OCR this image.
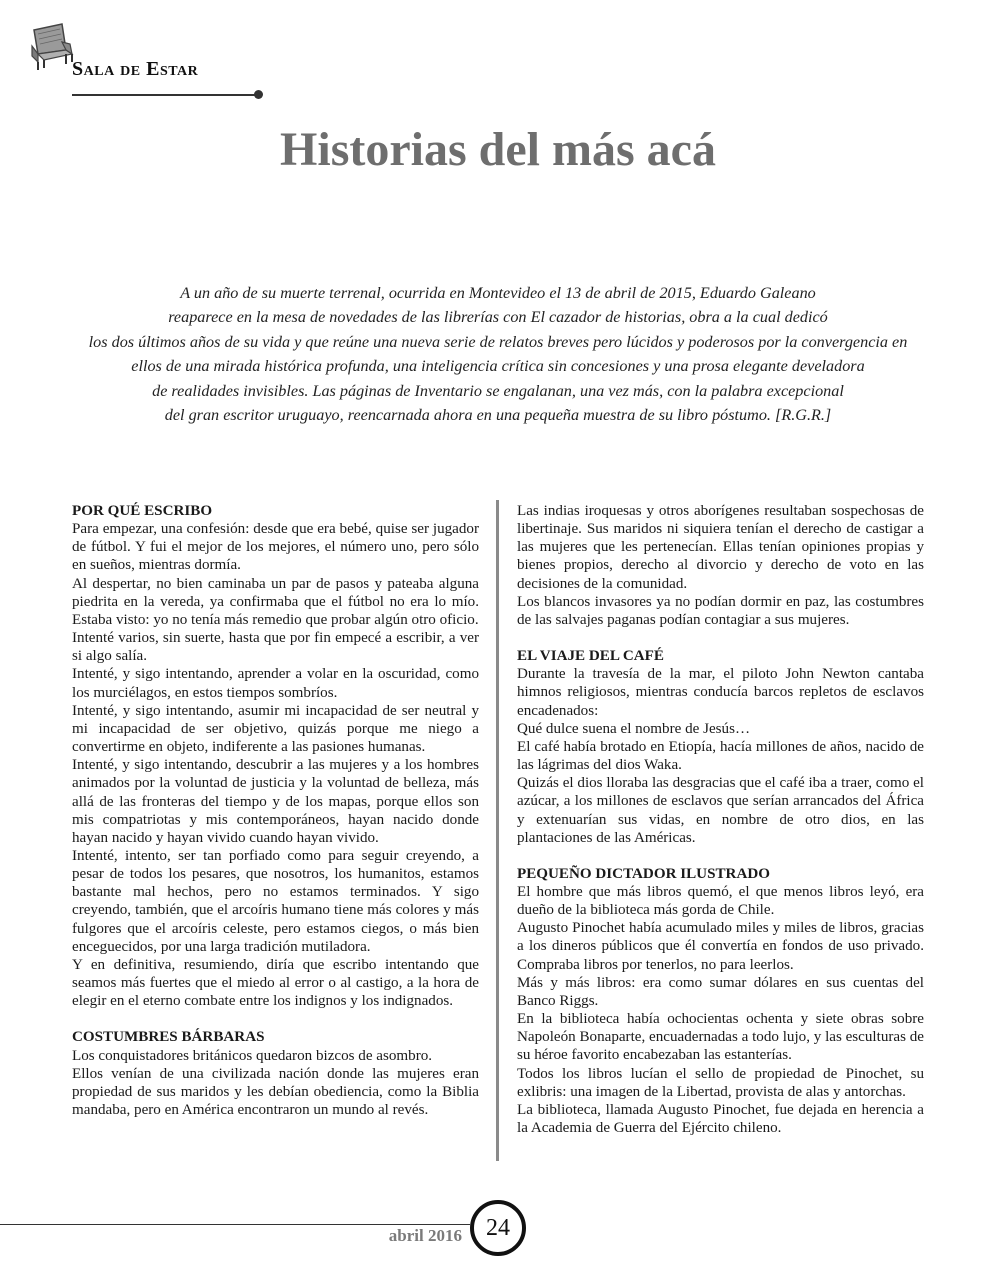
Sala de Estar
Historias del más acá

A un año de su muerte terrenal, ocurrida en Montevideo el 13 de abril de 2015, Eduardo Galeano
reaparece en la mesa de novedades de las librerías con El cazador de historias, obra a la cual dedicó
los dos últimos años de su vida y que reúne una nueva serie de relatos breves pero lúcidos y poderosos por la convergencia en
ellos de una mirada histórica profunda, una inteligencia crítica sin concesiones y una prosa elegante develadora
de realidades invisibles. Las páginas de Inventario se engalanan, una vez más, con la palabra excepcional
del gran escritor uruguayo, reencarnada ahora en una pequeña muestra de su libro póstumo. [R.G.R.]

POR QUÉ ESCRIBO

Para empezar, una confesión: desde que era bebé, quise ser jugador de fútbol. Y fui el mejor de los mejores, el número uno, pero sólo en sueños, mientras dormía.

Al despertar, no bien caminaba un par de pasos y pateaba alguna piedrita en la vereda, ya confirmaba que el fútbol no era lo mío. Estaba visto: yo no tenía más remedio que probar algún otro oficio.

Intenté varios, sin suerte, hasta que por fin empecé a escribir, a ver si algo salía.

Intenté, y sigo intentando, aprender a volar en la oscuridad, como los murciélagos, en estos tiempos sombríos.

Intenté, y sigo intentando, asumir mi incapacidad de ser neutral y mi incapacidad de ser objetivo, quizás porque me niego a convertirme en objeto, indiferente a las pasiones humanas.

Intenté, y sigo intentando, descubrir a las mujeres y a los hombres animados por la voluntad de justicia y la voluntad de belleza, más allá de las fronteras del tiempo y de los mapas, porque ellos son mis compatriotas y mis contemporáneos, hayan nacido donde hayan nacido y hayan vivido cuando hayan vivido.

Intenté, intento, ser tan porfiado como para seguir creyendo, a pesar de todos los pesares, que nosotros, los humanitos, estamos bastante mal hechos, pero no estamos terminados. Y sigo creyendo, también, que el arcoíris humano tiene más colores y más fulgores que el arcoíris celeste, pero estamos ciegos, o más bien enceguecidos, por una larga tradición mutiladora.

Y en definitiva, resumiendo, diría que escribo intentando que seamos más fuertes que el miedo al error o al castigo, a la hora de elegir en el eterno combate entre los indignos y los indignados.

COSTUMBRES BÁRBARAS

Los conquistadores británicos quedaron bizcos de asombro.

Ellos venían de una civilizada nación donde las mujeres eran propiedad de sus maridos y les debían obediencia, como la Biblia mandaba, pero en América encontraron un mundo al revés.

Las indias iroquesas y otros aborígenes resultaban sospechosas de libertinaje. Sus maridos ni siquiera tenían el derecho de castigar a las mujeres que les pertenecían. Ellas tenían opiniones propias y bienes propios, derecho al divorcio y derecho de voto en las decisiones de la comunidad.

Los blancos invasores ya no podían dormir en paz, las costumbres de las salvajes paganas podían contagiar a sus mujeres.

EL VIAJE DEL CAFÉ

Durante la travesía de la mar, el piloto John Newton cantaba himnos religiosos, mientras conducía barcos repletos de esclavos encadenados:

Qué dulce suena el nombre de Jesús…

El café había brotado en Etiopía, hacía millones de años, nacido de las lágrimas del dios Waka.

Quizás el dios lloraba las desgracias que el café iba a traer, como el azúcar, a los millones de esclavos que serían arrancados del África y extenuarían sus vidas, en nombre de otro dios, en las plantaciones de las Américas.

PEQUEÑO DICTADOR ILUSTRADO

El hombre que más libros quemó, el que menos libros leyó, era dueño de la biblioteca más gorda de Chile.

Augusto Pinochet había acumulado miles y miles de libros, gracias a los dineros públicos que él convertía en fondos de uso privado. Compraba libros por tenerlos, no para leerlos.

Más y más libros: era como sumar dólares en sus cuentas del Banco Riggs.

En la biblioteca había ochocientas ochenta y siete obras sobre Napoleón Bonaparte, encuadernadas a todo lujo, y las esculturas de su héroe favorito encabezaban las estanterías.

Todos los libros lucían el sello de propiedad de Pinochet, su exlibris: una imagen de la Libertad, provista de alas y antorchas.

La biblioteca, llamada Augusto Pinochet, fue dejada en herencia a la Academia de Guerra del Ejército chileno.

abril 2016	24
